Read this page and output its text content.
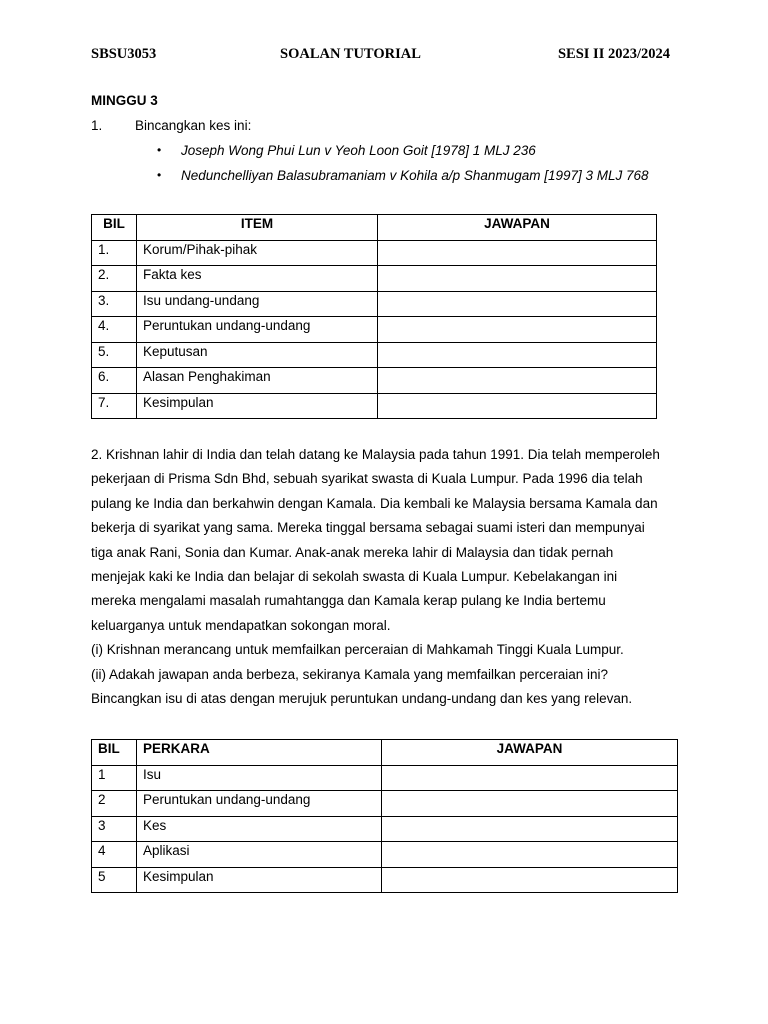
SBSU3053	SOALAN TUTORIAL	SESI II 2023/2024
MINGGU 3
1. Bincangkan kes ini:
• Joseph Wong Phui Lun v Yeoh Loon Goit [1978] 1 MLJ 236
• Nedunchelliyan Balasubramaniam v Kohila a/p Shanmugam [1997] 3 MLJ 768
BIL	ITEM	JAWAPAN
1.	Korum/Pihak-pihak	
2.	Fakta kes	
3.	Isu undang-undang	
4.	Peruntukan undang-undang	
5.	Keputusan	
6.	Alasan Penghakiman	
7.	Kesimpulan	
2. Krishnan lahir di India dan telah datang ke Malaysia pada tahun 1991. Dia telah memperoleh
pekerjaan di Prisma Sdn Bhd, sebuah syarikat swasta di Kuala Lumpur. Pada 1996 dia telah
pulang ke India dan berkahwin dengan Kamala. Dia kembali ke Malaysia bersama Kamala dan
bekerja di syarikat yang sama. Mereka tinggal bersama sebagai suami isteri dan mempunyai
tiga anak Rani, Sonia dan Kumar. Anak-anak mereka lahir di Malaysia dan tidak pernah
menjejak kaki ke India dan belajar di sekolah swasta di Kuala Lumpur. Kebelakangan ini
mereka mengalami masalah rumahtangga dan Kamala kerap pulang ke India bertemu
keluarganya untuk mendapatkan sokongan moral.
(i) Krishnan merancang untuk memfailkan perceraian di Mahkamah Tinggi Kuala Lumpur.
(ii) Adakah jawapan anda berbeza, sekiranya Kamala yang memfailkan perceraian ini?
Bincangkan isu di atas dengan merujuk peruntukan undang-undang dan kes yang relevan.
BIL	PERKARA	JAWAPAN
1	Isu	
2	Peruntukan undang-undang	
3	Kes	
4	Aplikasi	
5	Kesimpulan	
